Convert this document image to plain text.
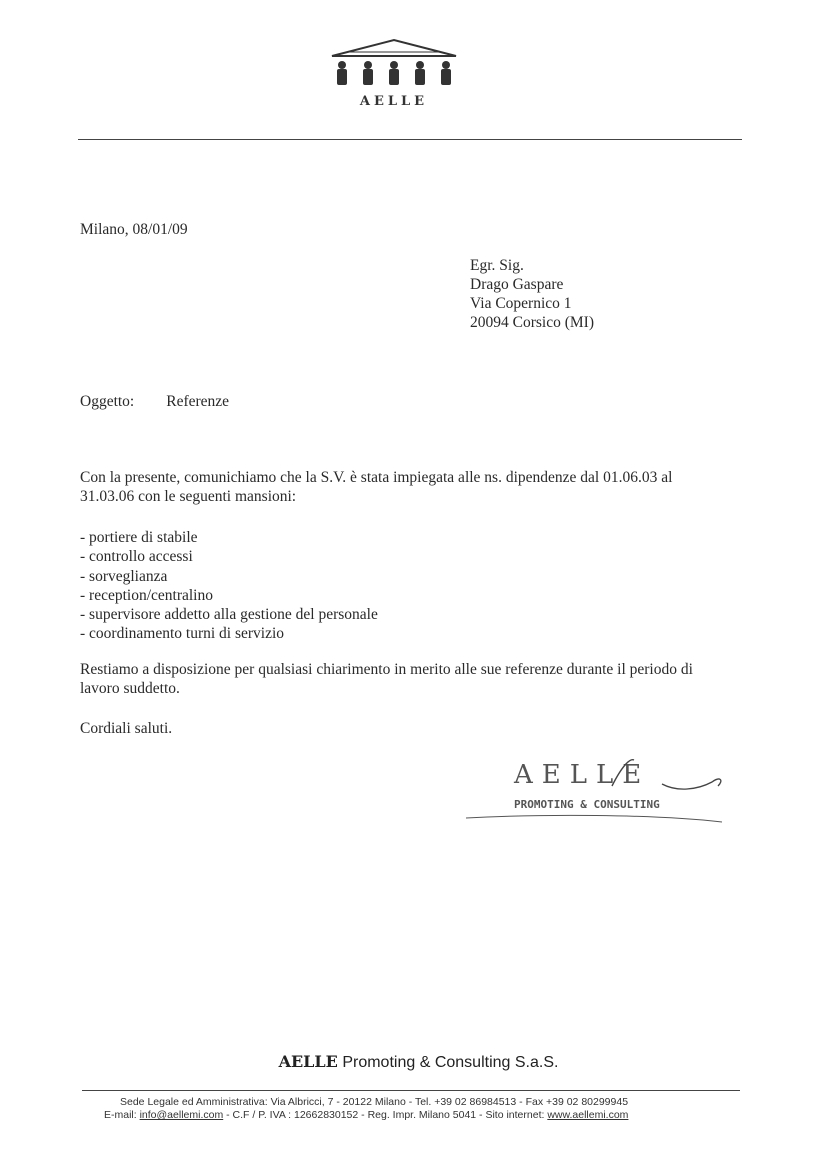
AELLE
Milano, 08/01/09
Egr. Sig.
Drago Gaspare
Via Copernico 1
20094 Corsico (MI)
Oggetto: Referenze
Con la presente, comunichiamo che la S.V. è stata impiegata alle ns. dipendenze dal 01.06.03 al
31.03.06 con le seguenti mansioni:
- portiere di stabile
- controllo accessi
- sorveglianza
- reception/centralino
- supervisore addetto alla gestione del personale
- coordinamento turni di servizio
Restiamo a disposizione per qualsiasi chiarimento in merito alle sue referenze durante il periodo di
lavoro suddetto.
Cordiali saluti.
AELLE
PROMOTING & CONSULTING
AELLE Promoting & Consulting S.a.S.
Sede Legale ed Amministrativa: Via Albricci, 7 - 20122 Milano - Tel. +39 02 86984513 - Fax +39 02 80299945
E-mail: info@aellemi.com - C.F / P. IVA : 12662830152 - Reg. Impr. Milano 5041 - Sito internet: www.aellemi.com
